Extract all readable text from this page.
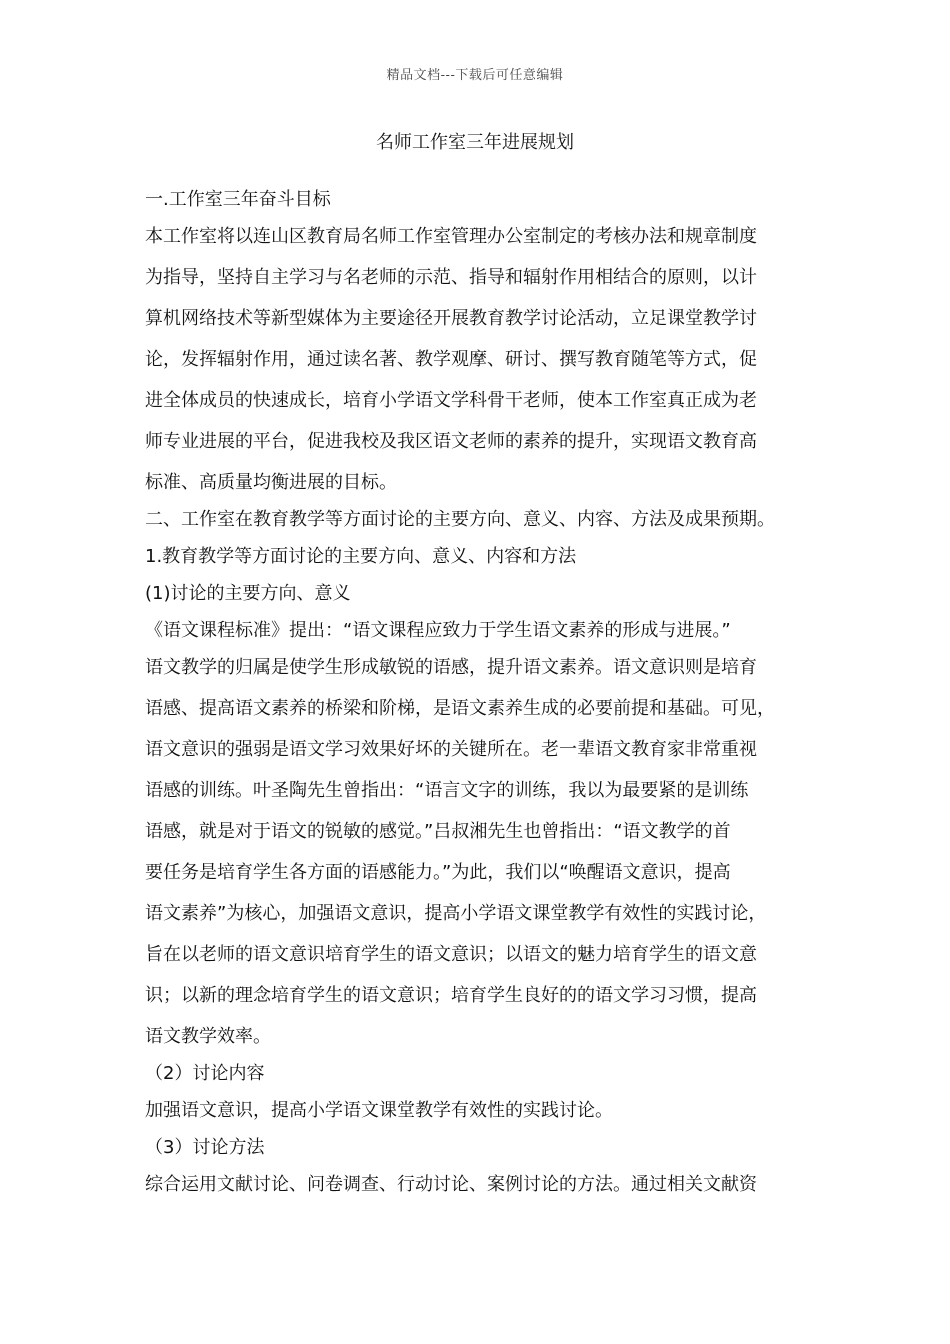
精品文档---下载后可任意编辑
名师工作室三年进展规划

一.工作室三年奋斗目标

本工作室将以连山区教育局名师工作室管理办公室制定的考核办法和规章制度

为指导，坚持自主学习与名老师的示范、指导和辐射作用相结合的原则，以计

算机网络技术等新型媒体为主要途径开展教育教学讨论活动，立足课堂教学讨

论，发挥辐射作用，通过读名著、教学观摩、研讨、撰写教育随笔等方式，促

进全体成员的快速成长，培育小学语文学科骨干老师，使本工作室真正成为老

师专业进展的平台，促进我校及我区语文老师的素养的提升，实现语文教育高

标准、高质量均衡进展的目标。

二、工作室在教育教学等方面讨论的主要方向、意义、内容、方法及成果预期。

1.教育教学等方面讨论的主要方向、意义、内容和方法

(1)讨论的主要方向、意义

《语文课程标准》提出：“语文课程应致力于学生语文素养的形成与进展。”

语文教学的归属是使学生形成敏锐的语感，提升语文素养。语文意识则是培育

语感、提高语文素养的桥梁和阶梯，是语文素养生成的必要前提和基础。可见，

语文意识的强弱是语文学习效果好坏的关键所在。老一辈语文教育家非常重视

语感的训练。叶圣陶先生曾指出：“语言文字的训练，我以为最要紧的是训练

语感，就是对于语文的锐敏的感觉。”吕叔湘先生也曾指出：“语文教学的首

要任务是培育学生各方面的语感能力。”为此，我们以“唤醒语文意识，提高

语文素养”为核心，加强语文意识，提高小学语文课堂教学有效性的实践讨论，

旨在以老师的语文意识培育学生的语文意识；以语文的魅力培育学生的语文意

识；以新的理念培育学生的语文意识；培育学生良好的的语文学习习惯，提高

语文教学效率。

（2）讨论内容

加强语文意识，提高小学语文课堂教学有效性的实践讨论。

（3）讨论方法

综合运用文献讨论、问卷调查、行动讨论、案例讨论的方法。通过相关文献资
